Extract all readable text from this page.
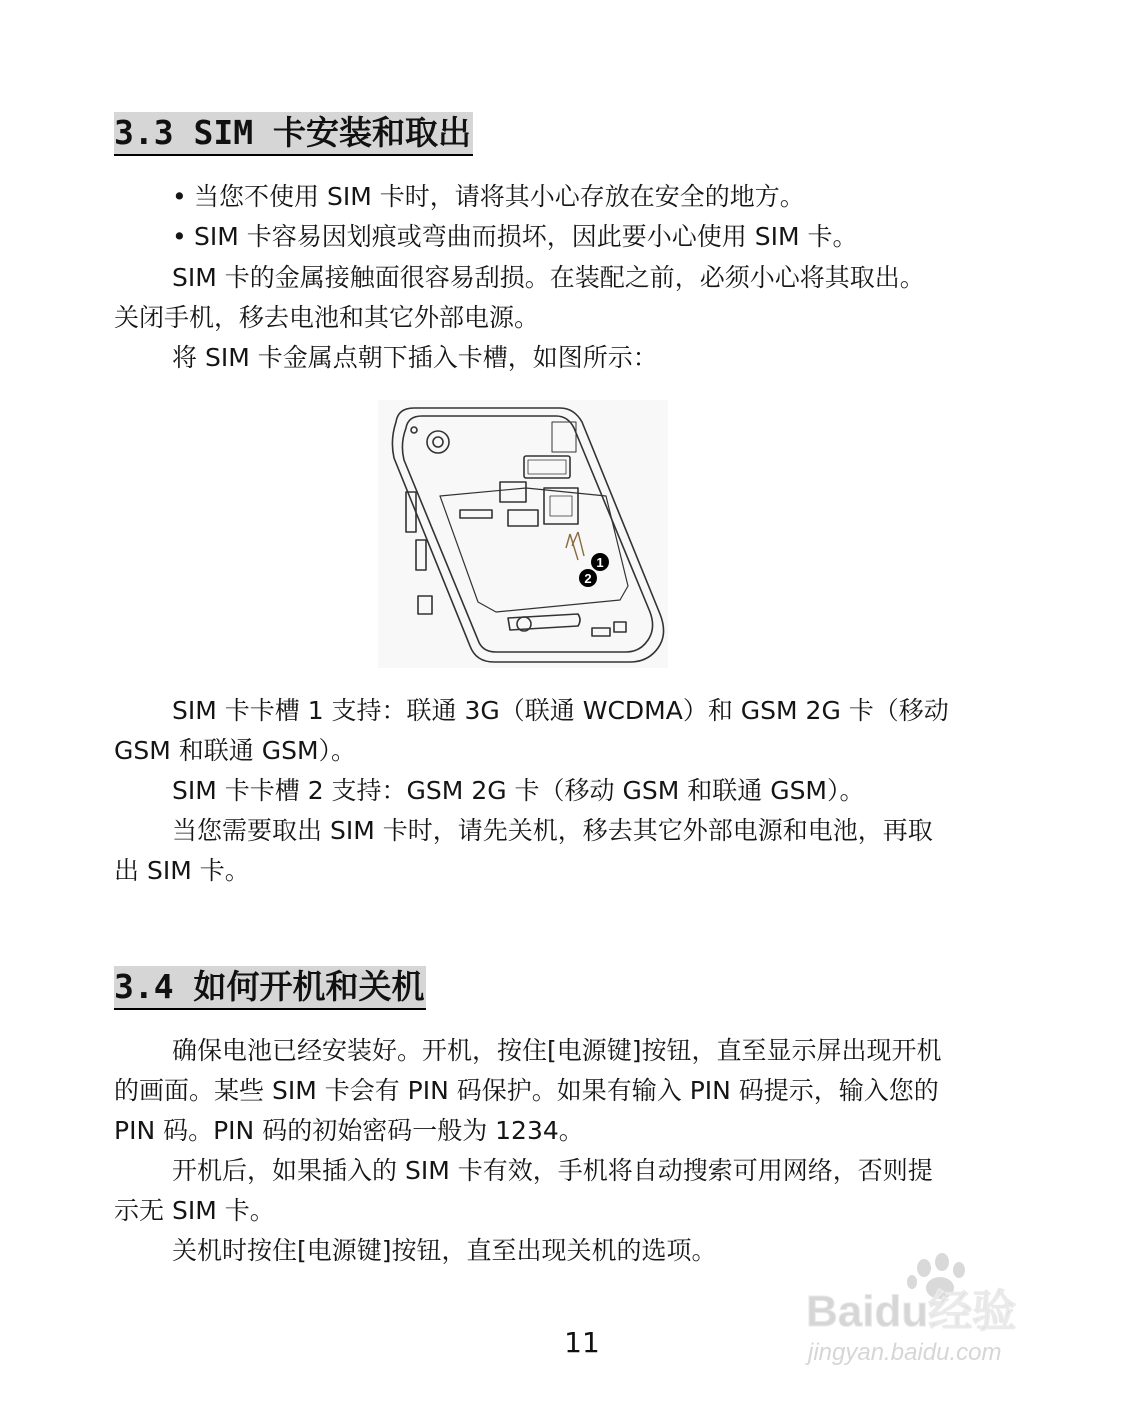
3.3 SIM 卡安装和取出

• 当您不使用 SIM 卡时，请将其小心存放在安全的地方。

• SIM 卡容易因划痕或弯曲而损坏，因此要小心使用 SIM 卡。

SIM 卡的金属接触面很容易刮损。在装配之前，必须小心将其取出。

关闭手机，移去电池和其它外部电源。

将 SIM 卡金属点朝下插入卡槽，如图所示：

1
2

SIM 卡卡槽 1 支持：联通 3G（联通 WCDMA）和 GSM 2G 卡（移动

GSM 和联通 GSM）。

SIM 卡卡槽 2 支持：GSM 2G 卡（移动 GSM 和联通 GSM）。

当您需要取出 SIM 卡时，请先关机，移去其它外部电源和电池，再取

出 SIM 卡。

3.4 如何开机和关机

确保电池已经安装好。开机，按住[电源键]按钮，直至显示屏出现开机

的画面。某些 SIM 卡会有 PIN 码保护。如果有输入 PIN 码提示，输入您的

PIN 码。PIN 码的初始密码一般为 1234。

开机后，如果插入的 SIM 卡有效，手机将自动搜索可用网络，否则提

示无 SIM 卡。

关机时按住[电源键]按钮，直至出现关机的选项。

11
Baidu经验
jingyan.baidu.com
